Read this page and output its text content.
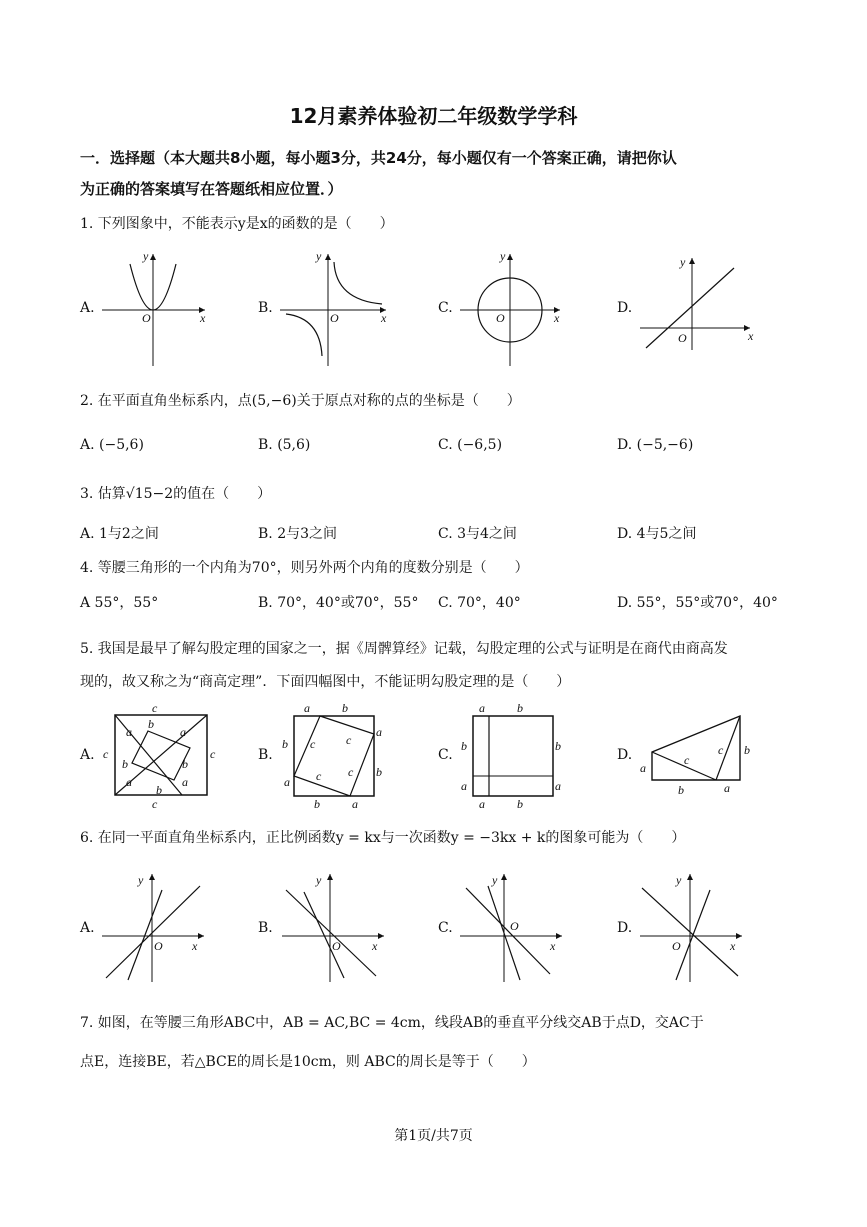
12月素养体验初二年级数学学科
一．选择题（本大题共8小题，每小题3分，共24分，每小题仅有一个答案正确，请把你认
为正确的答案填写在答题纸相应位置．）
1. 下列图象中，不能表示y是x的函数的是（　　）
A.	B.	C.	D.
O	x
y
O	x
y
O	x
y
O	x
y
2. 在平面直角坐标系内，点(5,−6)关于原点对称的点的坐标是（　　）
A. (−5,6)	B. (5,6)	C. (−6,5)	D. (−5,−6)
3. 估算√15−2的值在（　　）
A. 1与2之间	B. 2与3之间	C. 3与4之间	D. 4与5之间
4. 等腰三角形的一个内角为70°，则另外两个内角的度数分别是（　　）
A 55°，55°	B. 70°，40°或70°，55° C. 70°，40°	D. 55°，55°或70°，40°
5. 我国是最早了解勾股定理的国家之一，据《周髀算经》记载，勾股定理的公式与证明是在商代由商高发
现的，故又称之为“商高定理”．下面四幅图中，不能证明勾股定理的是（　　）
A.	B.	C.	D.
c
c
c	c
b
a	a
b	b
a	a
b
a	b
b
a
a
b
b	a
c	c
c c
a	b
b	b
a	a
a	b
a
c
c b
b	a
6. 在同一平面直角坐标系内，正比例函数y = kx与一次函数y = −3kx + k的图象可能为（　　）
A.	B.	C.	D.
O x
y
O	x
y
O
x
y
O	x
y
7. 如图，在等腰三角形ABC中，AB = AC,BC = 4cm，线段AB的垂直平分线交AB于点D，交AC于
点E，连接BE，若△BCE的周长是10cm，则 ABC的周长是等于（　　）
第1页/共7页
